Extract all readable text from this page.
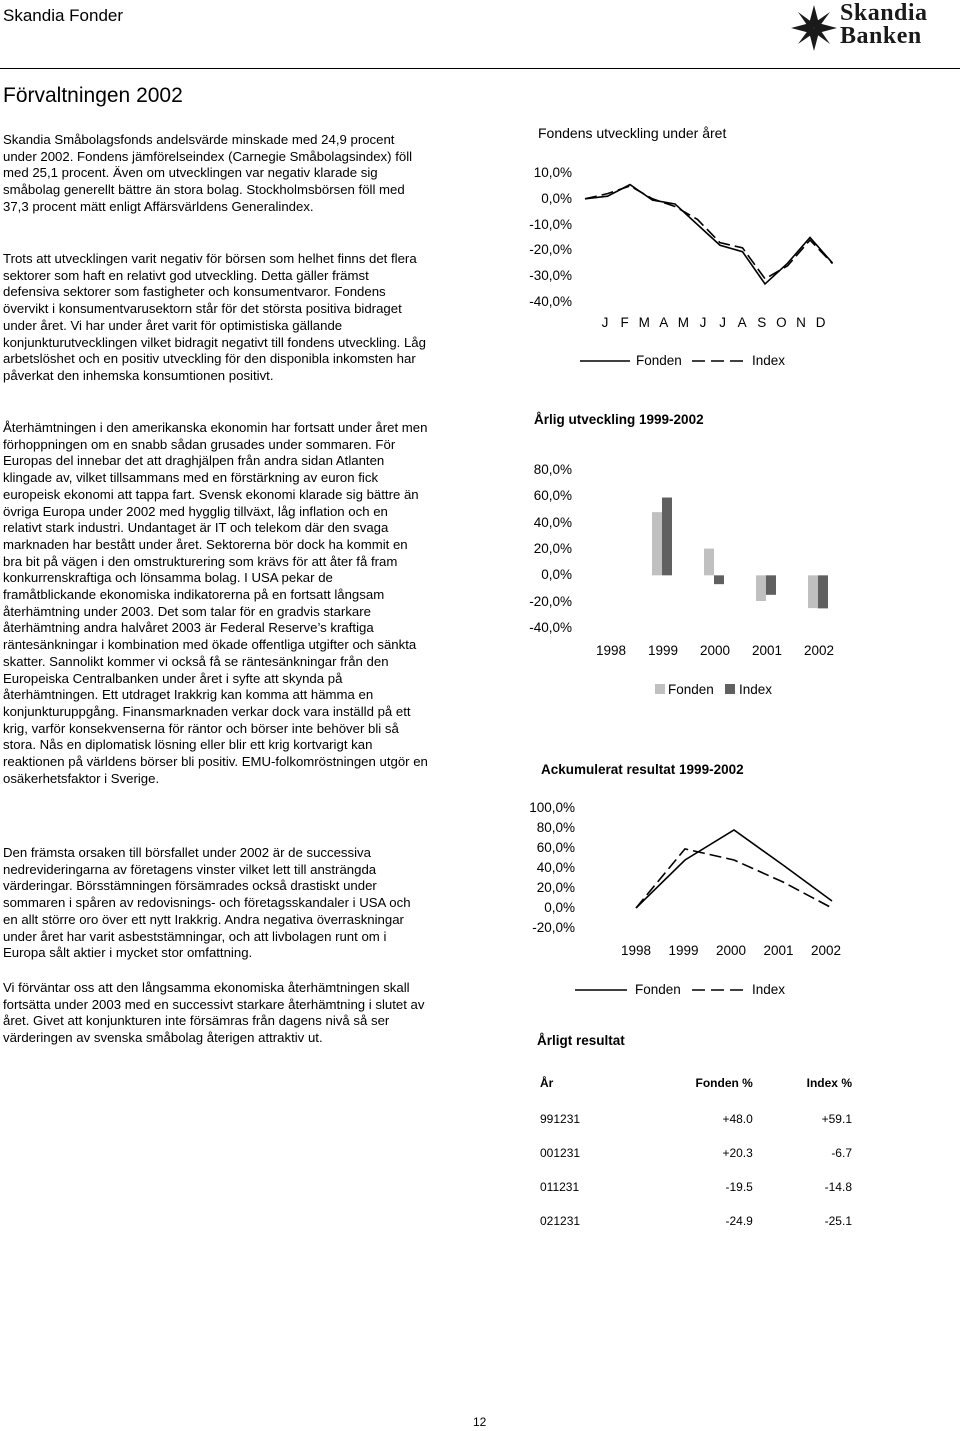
Skandia Fonder	Skandia
Banken
Förvaltningen 2002

Skandia Småbolagsfonds andelsvärde minskade med 24,9 procent under 2002. Fondens jämförelseindex (Carnegie Småbolagsindex) föll med 25,1 procent. Även om utvecklingen var negativ klarade sig småbolag generellt bättre än stora bolag. Stockholmsbörsen föll med 37,3 procent mätt enligt Affärsvärldens Generalindex.

Trots att utvecklingen varit negativ för börsen som helhet finns det flera sektorer som haft en relativt god utveckling. Detta gäller främst defensiva sektorer som fastigheter och konsumentvaror. Fondens övervikt i konsumentvarusektorn står för det största positiva bidraget under året. Vi har under året varit för optimistiska gällande konjunkturutvecklingen vilket bidragit negativt till fondens utveckling. Låg arbetslöshet och en positiv utveckling för den disponibla inkomsten har påverkat den inhemska konsumtionen positivt.

Återhämtningen i den amerikanska ekonomin har fortsatt under året men förhoppningen om en snabb sådan grusades under sommaren. För Europas del innebar det att draghjälpen från andra sidan Atlanten klingade av, vilket tillsammans med en förstärkning av euron fick europeisk ekonomi att tappa fart. Svensk ekonomi klarade sig bättre än övriga Europa under 2002 med hygglig tillväxt, låg inflation och en relativt stark industri. Undantaget är IT och telekom där den svaga marknaden har bestått under året. Sektorerna bör dock ha kommit en bra bit på vägen i den omstrukturering som krävs för att åter få fram konkurrenskraftiga och lönsamma bolag. I USA pekar de framåtblickande ekonomiska indikatorerna på en fortsatt långsam återhämtning under 2003. Det som talar för en gradvis starkare återhämtning andra halvåret 2003 är Federal Reserve’s kraftiga räntesänkningar i kombination med ökade offentliga utgifter och sänkta skatter. Sannolikt kommer vi också få se räntesänkningar från den Europeiska Centralbanken under året i syfte att skynda på återhämtningen. Ett utdraget Irakkrig kan komma att hämma en konjunkturuppgång. Finansmarknaden verkar dock vara inställd på ett krig, varför konsekvenserna för räntor och börser inte behöver bli så stora. Nås en diplomatisk lösning eller blir ett krig kortvarigt kan reaktionen på världens börser bli positiv. EMU-folkomröstningen utgör en osäkerhetsfaktor i Sverige.

Den främsta orsaken till börsfallet under 2002 är de successiva nedrevideringarna av företagens vinster vilket lett till ansträngda värderingar. Börsstämningen försämrades också drastiskt under sommaren i spåren av redovisnings- och företagsskandaler i USA och en allt större oro över ett nytt Irakkrig. Andra negativa överraskningar under året har varit asbeststämningar, och att livbolagen runt om i Europa sålt aktier i mycket stor omfattning.

Vi förväntar oss att den långsamma ekonomiska återhämtningen skall fortsätta under 2003 med en successivt starkare återhämtning i slutet av året. Givet att konjunkturen inte försämras från dagens nivå så ser värderingen av svenska småbolag återigen attraktiv ut.

Fondens utveckling under året
Fonden	Index
Årlig utveckling 1999-2002
Fonden Index
Ackumulerat resultat 1999-2002
Fonden	Index
Årligt resultat
År	Fonden %	Index %
991231	+48.0	+59.1
001231	+20.3	-6.7
011231	-19.5	-14.8
021231	-24.9	-25.1
12
10,0%
0,0%
-10,0%
-20,0%
-30,0%
-40,0%
J F M A M J J A S O N D
80,0%
60,0%
40,0%
20,0%
0,0%
-20,0%
-40,0%
1998	1999	2000	2001	2002
100,0%
80,0%
60,0%
40,0%
20,0%
0,0%
-20,0%
1998	1999	2000	2001	2002
